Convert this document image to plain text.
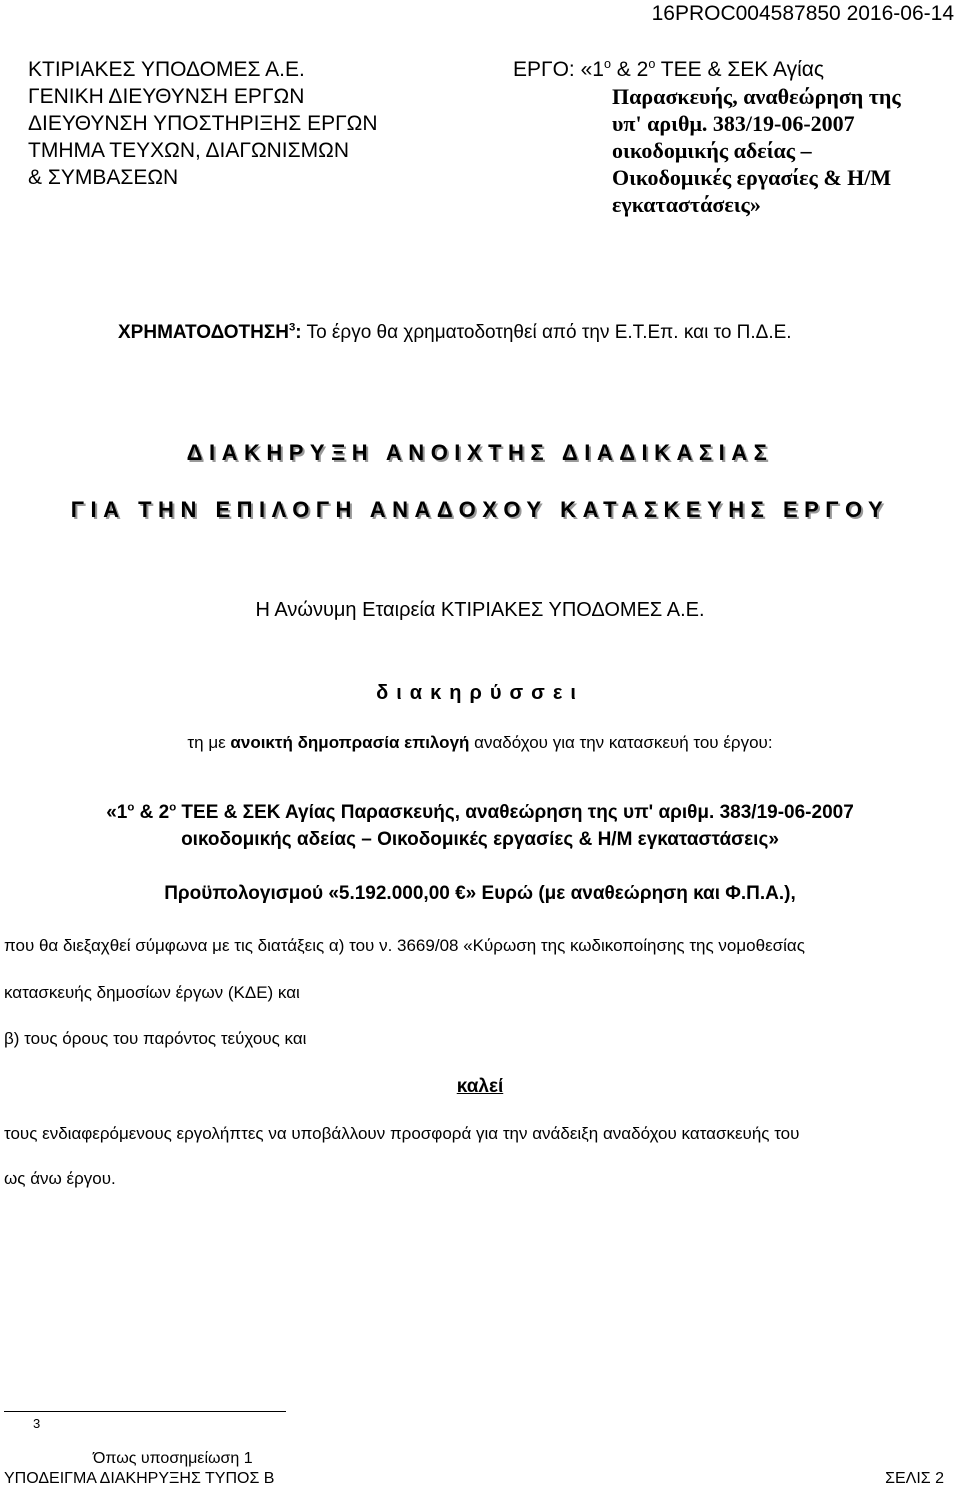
16PROC004587850 2016-06-14
ΚΤΙΡΙΑΚΕΣ ΥΠΟΔΟΜΕΣ Α.Ε.
ΓΕΝΙΚΗ ΔΙΕΥΘΥΝΣΗ ΕΡΓΩΝ
ΔΙΕΥΘΥΝΣΗ ΥΠΟΣΤΗΡΙΞΗΣ ΕΡΓΩΝ
ΤΜΗΜΑ ΤΕΥΧΩΝ, ΔΙΑΓΩΝΙΣΜΩΝ
& ΣΥΜΒΑΣΕΩΝ
ΕΡΓΟ: «$1^o$ & $2^o$ ΤΕΕ & ΣΕΚ Αγίας
Παρασκευής, αναθεώρηση της
υπ' αριθμ. 383/19-06-2007
οικοδομικής αδείας –
Οικοδομικές εργασίες & Η/Μ
εγκαταστάσεις»
ΧΡΗΜΑΤΟΔΟΤΗΣΗ$^3$: Το έργο θα χρηματοδοτηθεί από την Ε.Τ.Επ. και το Π.Δ.Ε.
ΔΙΑΚΗΡΥΞΗ ΑΝΟΙΧΤΗΣ ΔΙΑΔΙΚΑΣΙΑΣ
ΓΙΑ ΤΗΝ ΕΠΙΛΟΓΗ ΑΝΑΔΟΧΟΥ ΚΑΤΑΣΚΕΥΗΣ ΕΡΓΟΥ
Η Ανώνυμη Εταιρεία ΚΤΙΡΙΑΚΕΣ ΥΠΟΔΟΜΕΣ Α.Ε.
διακηρύσσει
τη με ανοικτή δημοπρασία επιλογή αναδόχου για την κατασκευή του έργου:
«$1^o$ & $2^o$ ΤΕΕ & ΣΕΚ Αγίας Παρασκευής, αναθεώρηση της υπ' αριθμ. 383/19-06-2007
οικοδομικής αδείας – Οικοδομικές εργασίες & Η/Μ εγκαταστάσεις»
Προϋπολογισμού «5.192.000,00 €» Ευρώ (με αναθεώρηση και Φ.Π.Α.),
που θα διεξαχθεί σύμφωνα με τις διατάξεις α) του ν. 3669/08 «Κύρωση της κωδικοποίησης της νομοθεσίας
κατασκευής δημοσίων έργων (ΚΔΕ) και
β) τους όρους του παρόντος τεύχους και
καλεί
τους ενδιαφερόμενους εργολήπτες να υποβάλλουν προσφορά για την ανάδειξη αναδόχου κατασκευής του
ως άνω έργου.
3
Όπως υποσημείωση 1
ΥΠΟΔΕΙΓΜΑ ΔΙΑΚΗΡΥΞΗΣ ΤΥΠΟΣ Β	ΣΕΛΙΣ 2
